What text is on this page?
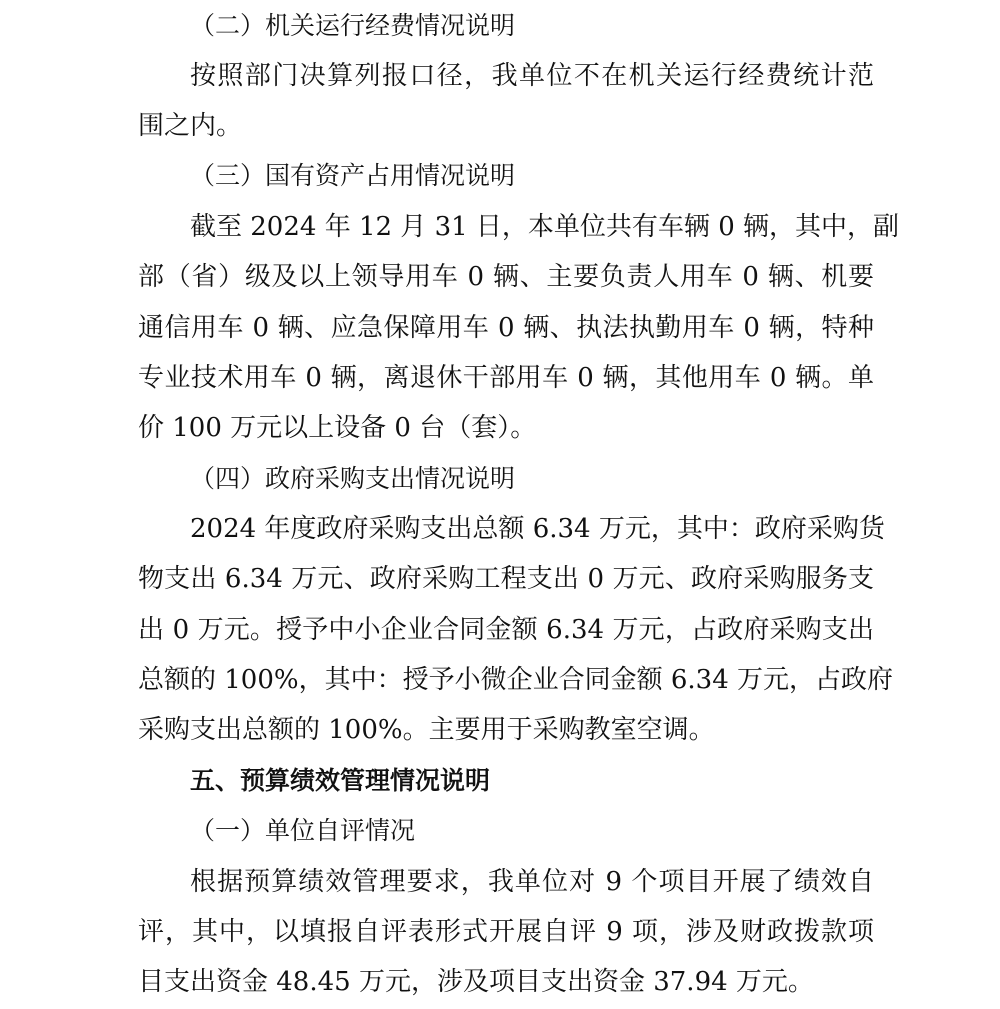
（二）机关运行经费情况说明
按照部门决算列报口径，我单位不在机关运行经费统计范
围之内。
（三）国有资产占用情况说明
截至 2024 年 12 月 31 日，本单位共有车辆 0 辆，其中，副
部（省）级及以上领导用车 0 辆、主要负责人用车 0 辆、机要
通信用车 0 辆、应急保障用车 0 辆、执法执勤用车 0 辆，特种
专业技术用车 0 辆，离退休干部用车 0 辆，其他用车 0 辆。单
价 100 万元以上设备 0 台（套）。
（四）政府采购支出情况说明
2024 年度政府采购支出总额 6.34 万元，其中：政府采购货
物支出 6.34 万元、政府采购工程支出 0 万元、政府采购服务支
出 0 万元。授予中小企业合同金额 6.34 万元，占政府采购支出
总额的 100%，其中：授予小微企业合同金额 6.34 万元，占政府
采购支出总额的 100%。主要用于采购教室空调。
五、预算绩效管理情况说明
（一）单位自评情况
根据预算绩效管理要求，我单位对 9 个项目开展了绩效自
评，其中，以填报自评表形式开展自评 9 项，涉及财政拨款项
目支出资金 48.45 万元，涉及项目支出资金 37.94 万元。
